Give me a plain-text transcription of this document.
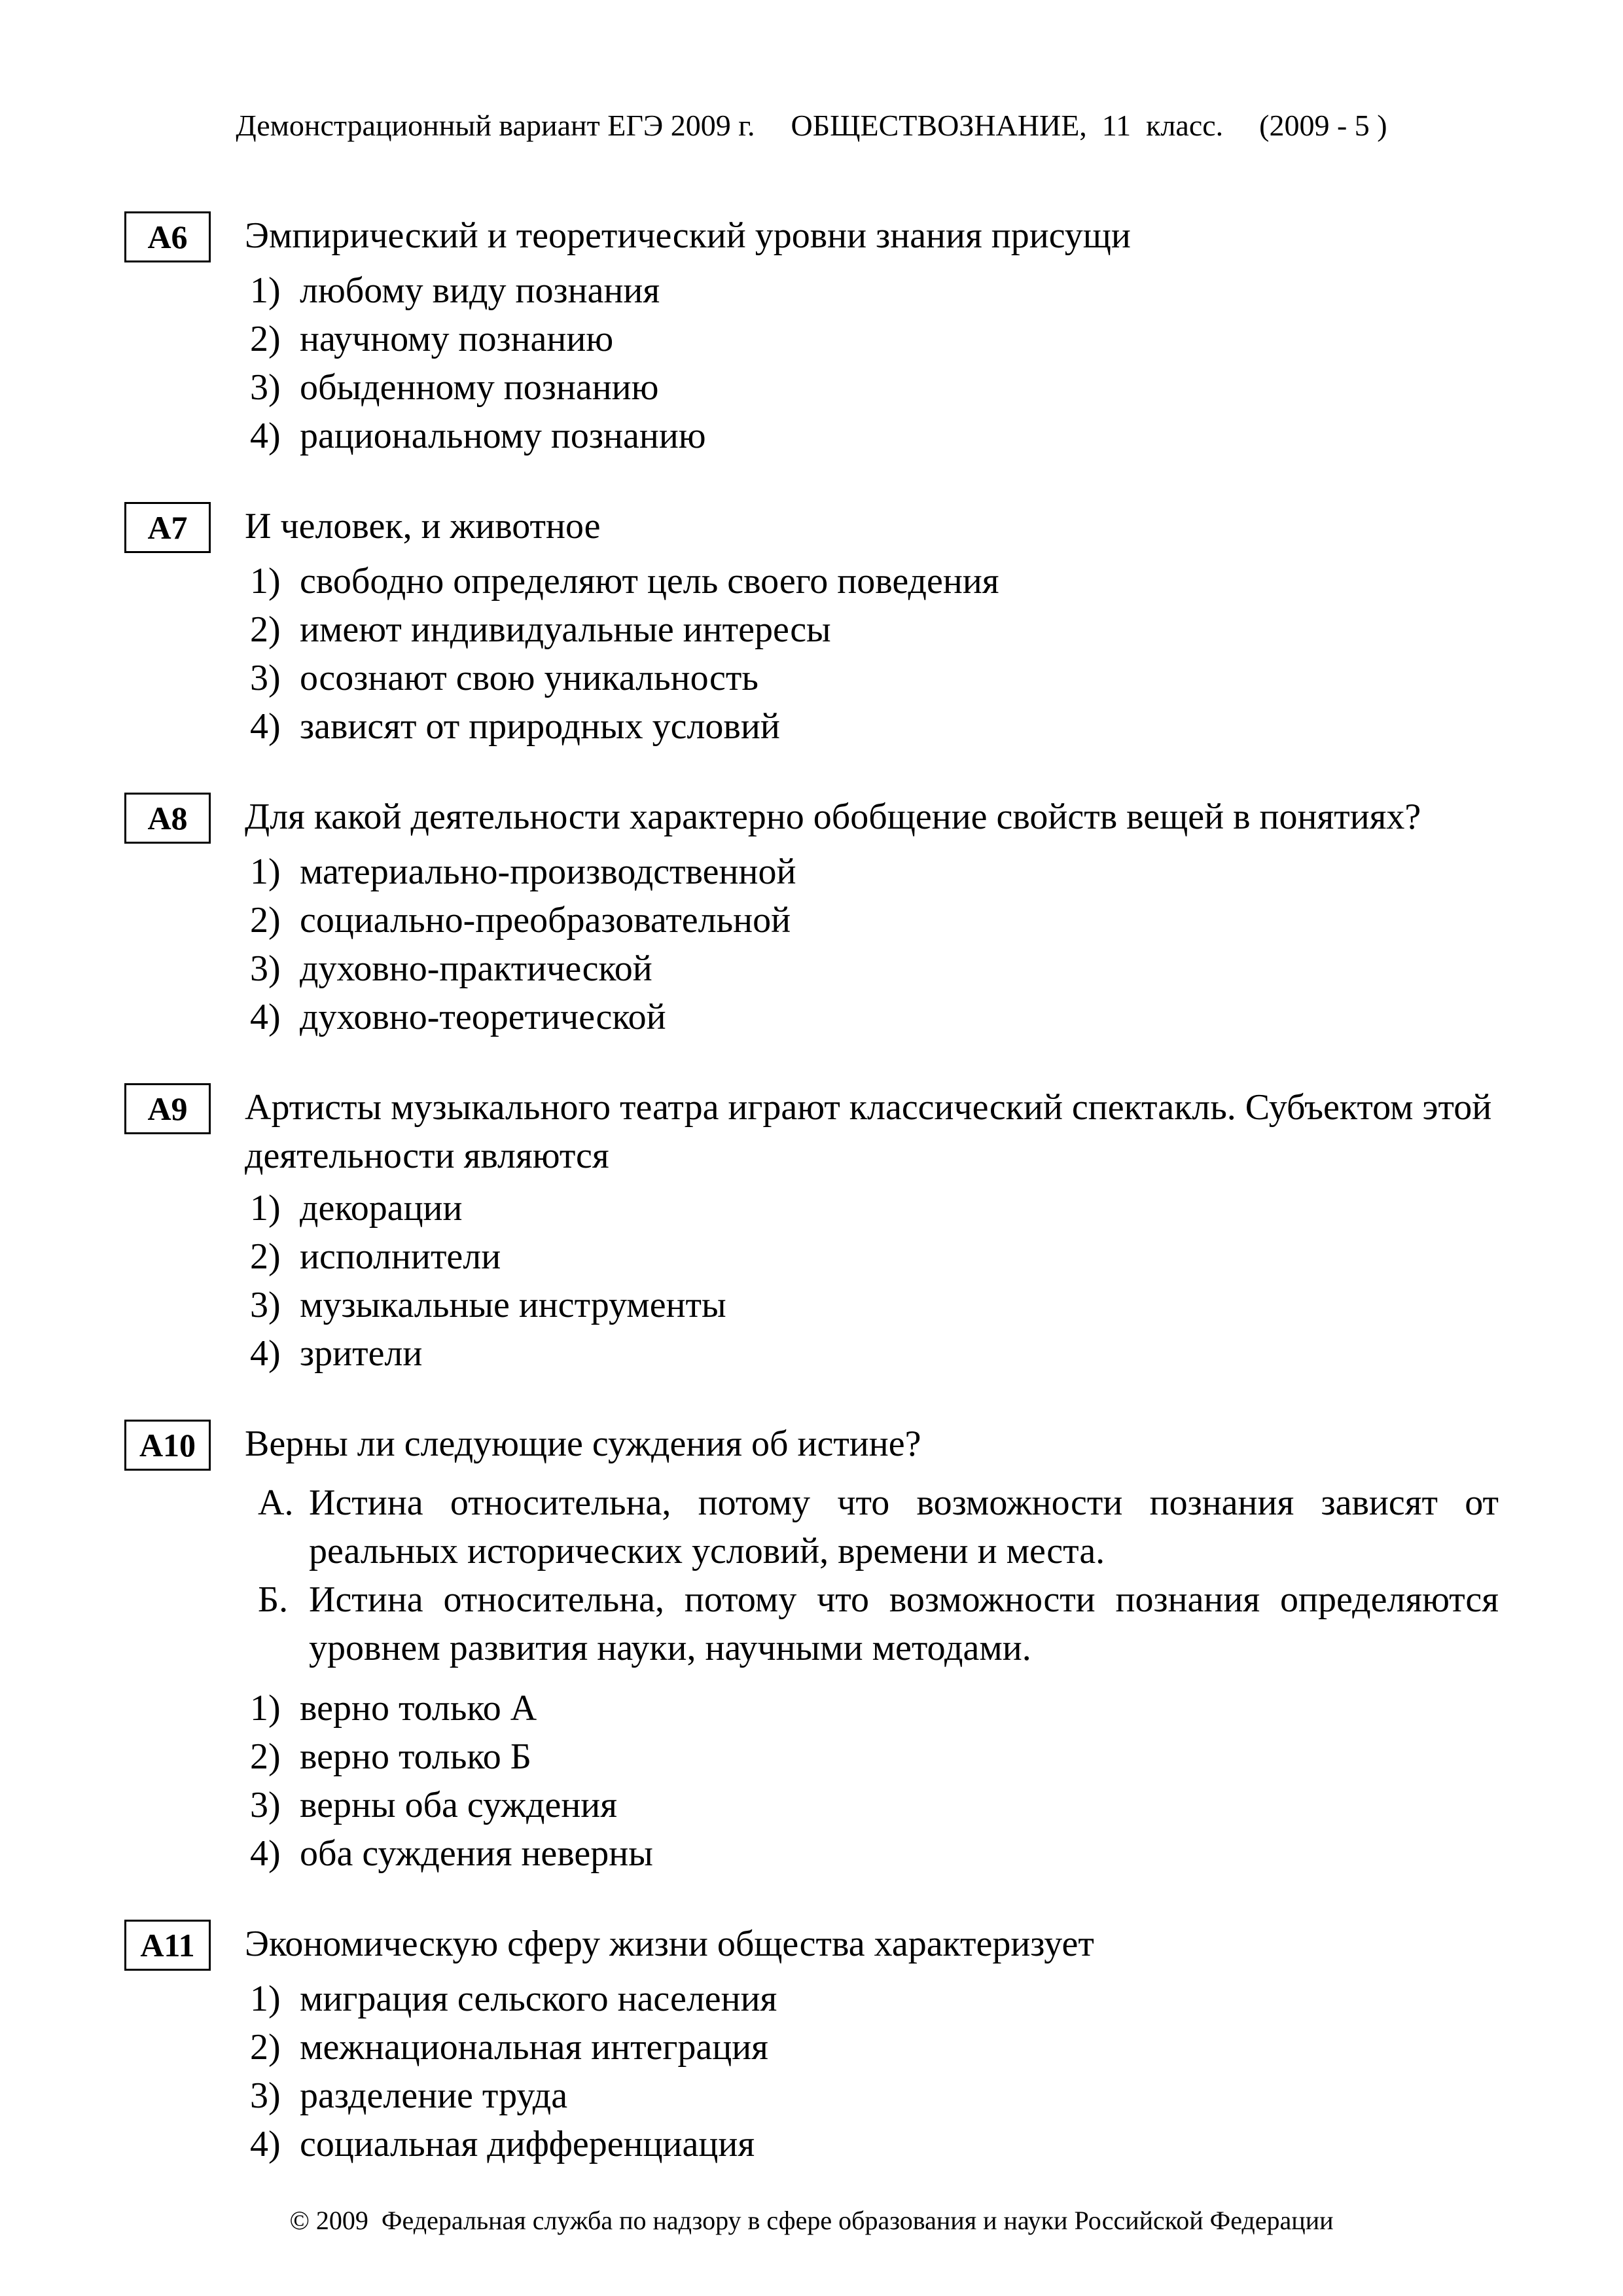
Демонстрационный вариант ЕГЭ 2009 г. ОБЩЕСТВОЗНАНИЕ,  11  класс. (2009 - 5 )
А6 Эмпирический и теоретический уровни знания присущи

1) любому виду познания
2) научному познанию
3) обыденному познанию
4) рациональному познанию
А7 И человек, и животное

1) свободно определяют цель своего поведения
2) имеют индивидуальные интересы
3) осознают свою уникальность
4) зависят от природных условий
А8 Для какой деятельности характерно обобщение свойств вещей в понятиях?

1) материально-производственной
2) социально-преобразовательной
3) духовно-практической
4) духовно-теоретической
А9 Артисты музыкального театра играют классический спектакль. Субъектом этой деятельности являются

1) декорации
2) исполнители
3) музыкальные инструменты
4) зрители
А10 Верны ли следующие суждения об истине?

А. Истина относительна, потому что возможности познания зависят от реальных исторических условий, времени и места.
Б. Истина относительна, потому что возможности познания определяются уровнем развития науки, научными методами.
1) верно только А
2) верно только Б
3) верны оба суждения
4) оба суждения неверны
А11 Экономическую сферу жизни общества характеризует

1) миграция сельского населения
2) межнациональная интеграция
3) разделение труда
4) социальная дифференциация
© 2009  Федеральная служба по надзору в сфере образования и науки Российской Федерации
